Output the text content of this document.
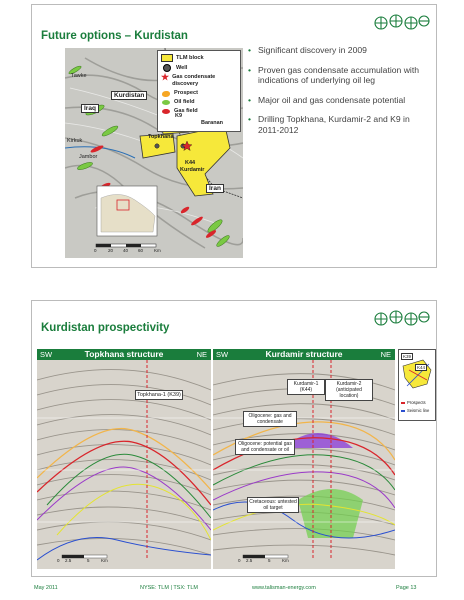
Future options – Kurdistan
TLM block
Well
★ Gas condensate discovery
Prospect
Oil field
Gas field
Kurdistan
Iraq
Iran
Kirkuk
Jambor
Tawke
Topkhana
Baranan
K9
K44
Kurdamir
0	20	40	60	Km
• Significant discovery in 2009
• Proven gas condensate accumulation with indications of underlying oil leg
• Major oil and gas condensate potential
• Drilling Topkhana, Kurdamir-2 and K9 in 2011-2012
Kurdistan prospectivity
SW	Topkhana structure	NE
Topkhana-1 (K39)
0	2.5	5	Km
SW	Kurdamir structure	NE
Kurdamir-1 (K44)
Kurdamir-2 (anticipated location)
Oligocene: gas and condensate
Oligocene: potential gas and condensate or oil
Cretaceous: untested oil target
0	2.5	5	Km
K39
K44
Prospects
Seismic line
May 2011	NYSE: TLM | TSX: TLM	www.talisman-energy.com	Page 13
